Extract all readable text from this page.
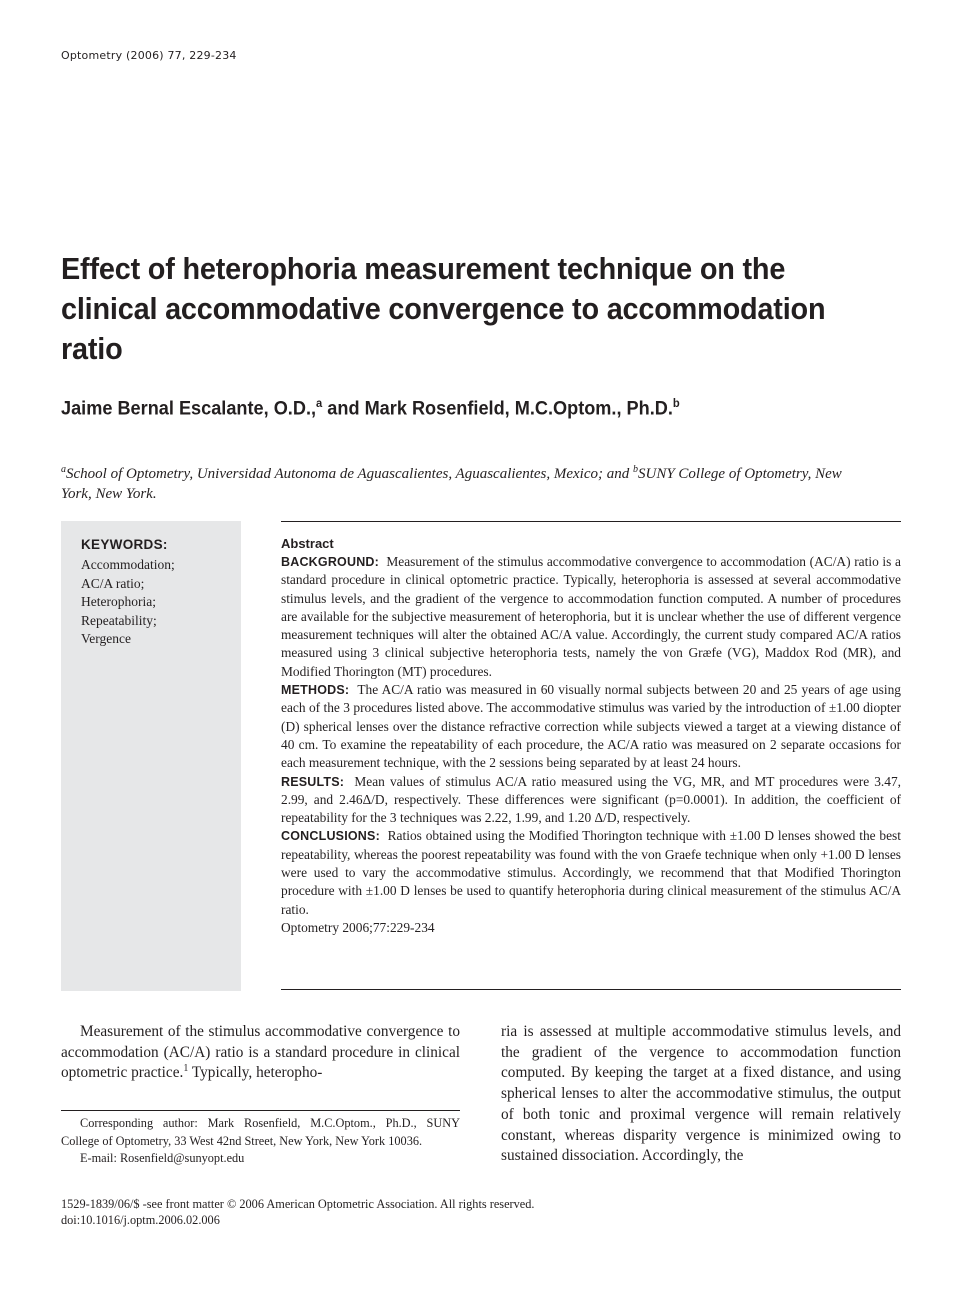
Optometry (2006) 77, 229-234
Effect of heterophoria measurement technique on the clinical accommodative convergence to accommodation ratio
Jaime Bernal Escalante, O.D.,$^a$ and Mark Rosenfield, M.C.Optom., Ph.D.$^b$
$^a$School of Optometry, Universidad Autonoma de Aguascalientes, Aguascalientes, Mexico; and $^b$SUNY College of Optometry, New York, New York.
KEYWORDS:
Accommodation;
AC/A ratio;
Heterophoria;
Repeatability;
Vergence
Abstract

BACKGROUND: Measurement of the stimulus accommodative convergence to accommodation (AC/A) ratio is a standard procedure in clinical optometric practice. Typically, heterophoria is assessed at several accommodative stimulus levels, and the gradient of the vergence to accommodation function computed. A number of procedures are available for the subjective measurement of heterophoria, but it is unclear whether the use of different vergence measurement techniques will alter the obtained AC/A value. Accordingly, the current study compared AC/A ratios measured using 3 clinical subjective heterophoria tests, namely the von Græfe (VG), Maddox Rod (MR), and Modified Thorington (MT) procedures.

METHODS: The AC/A ratio was measured in 60 visually normal subjects between 20 and 25 years of age using each of the 3 procedures listed above. The accommodative stimulus was varied by the introduction of ±1.00 diopter (D) spherical lenses over the distance refractive correction while subjects viewed a target at a viewing distance of 40 cm. To examine the repeatability of each procedure, the AC/A ratio was measured on 2 separate occasions for each measurement technique, with the 2 sessions being separated by at least 24 hours.

RESULTS: Mean values of stimulus AC/A ratio measured using the VG, MR, and MT procedures were 3.47, 2.99, and 2.46Δ/D, respectively. These differences were significant (p=0.0001). In addition, the coefficient of repeatability for the 3 techniques was 2.22, 1.99, and 1.20 Δ/D, respectively.

CONCLUSIONS: Ratios obtained using the Modified Thorington technique with ±1.00 D lenses showed the best repeatability, whereas the poorest repeatability was found with the von Graefe technique when only +1.00 D lenses were used to vary the accommodative stimulus. Accordingly, we recommend that that Modified Thorington procedure with ±1.00 D lenses be used to quantify heterophoria during clinical measurement of the stimulus AC/A ratio.

Optometry 2006;77:229-234

Measurement of the stimulus accommodative convergence to accommodation (AC/A) ratio is a standard procedure in clinical optometric practice.$^1$ Typically, heteropho-

Corresponding author: Mark Rosenfield, M.C.Optom., Ph.D., SUNY College of Optometry, 33 West 42nd Street, New York, New York 10036.

E-mail: Rosenfield@sunyopt.edu

ria is assessed at multiple accommodative stimulus levels, and the gradient of the vergence to accommodation function computed. By keeping the target at a fixed distance, and using spherical lenses to alter the accommodative stimulus, the output of both tonic and proximal vergence will remain relatively constant, whereas disparity vergence is minimized owing to sustained dissociation. Accordingly, the

1529-1839/06/$ -see front matter © 2006 American Optometric Association. All rights reserved.
doi:10.1016/j.optm.2006.02.006
